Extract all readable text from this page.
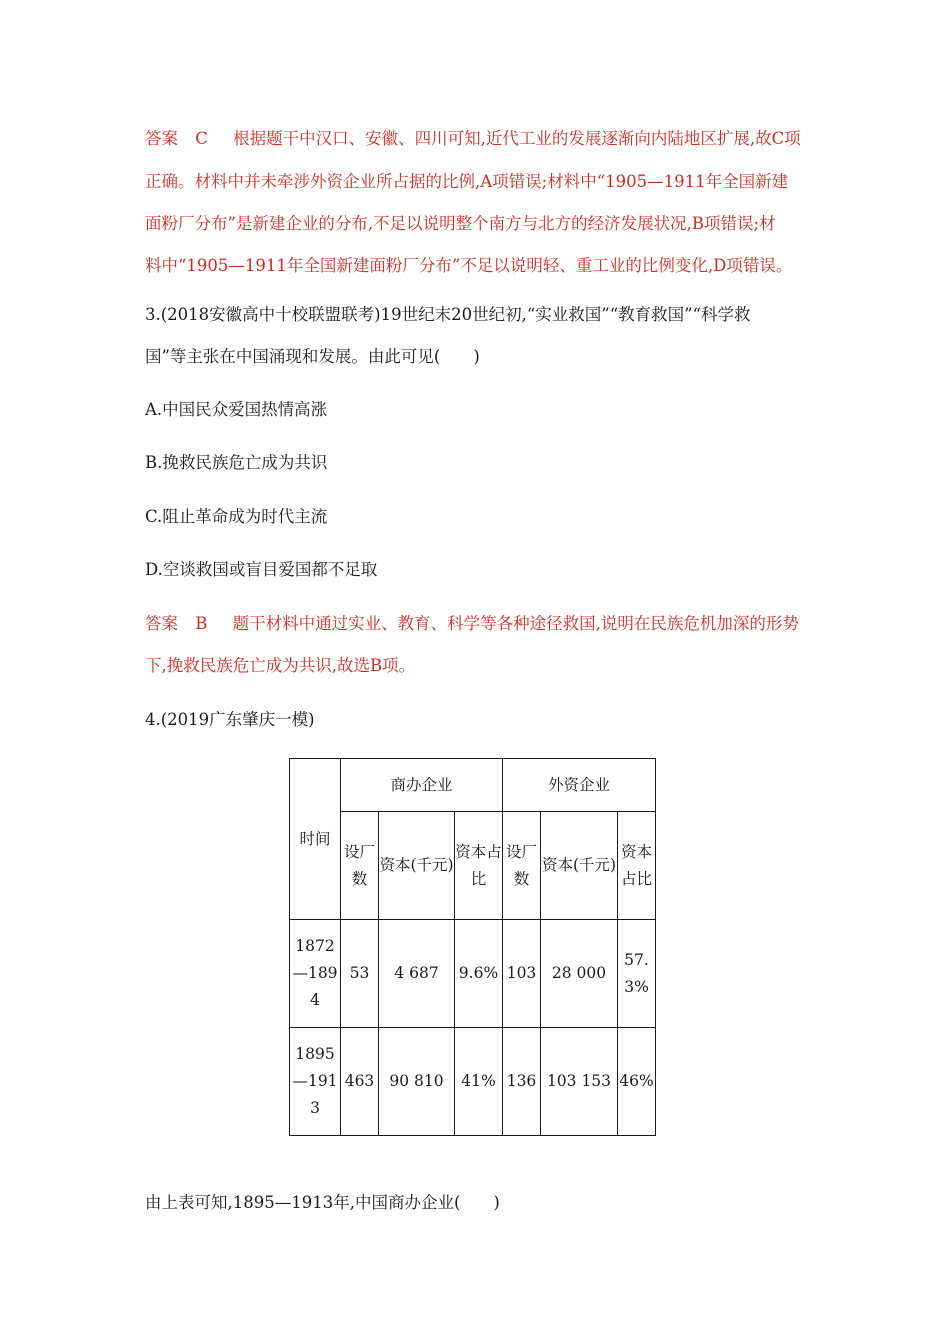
答案 C 根据题干中汉口、安徽、四川可知,近代工业的发展逐渐向内陆地区扩展,故C项
正确。材料中并未牵涉外资企业所占据的比例,A项错误;材料中“1905—1911年全国新建
面粉厂分布”是新建企业的分布,不足以说明整个南方与北方的经济发展状况,B项错误;材
料中“1905—1911年全国新建面粉厂分布”不足以说明轻、重工业的比例变化,D项错误。
3.(2018安徽高中十校联盟联考)19世纪末20世纪初,“实业救国”“教育救国”“科学救
国”等主张在中国涌现和发展。由此可见(　　)
A.中国民众爱国热情高涨
B.挽救民族危亡成为共识
C.阻止革命成为时代主流
D.空谈救国或盲目爱国都不足取
答案 B 题干材料中通过实业、教育、科学等各种途径救国,说明在民族危机加深的形势
下,挽救民族危亡成为共识,故选B项。
4.(2019广东肇庆一模)
时间	商办企业			外资企业		
	设厂数	资本(千元)	资本占比	设厂数	资本(千元)	资本占比
1872—1894	53	4 687	9.6%	103	28 000	57.3%
1895—1913	463	90 810	41%	136	103 153	46%
由上表可知,1895—1913年,中国商办企业(　　)
